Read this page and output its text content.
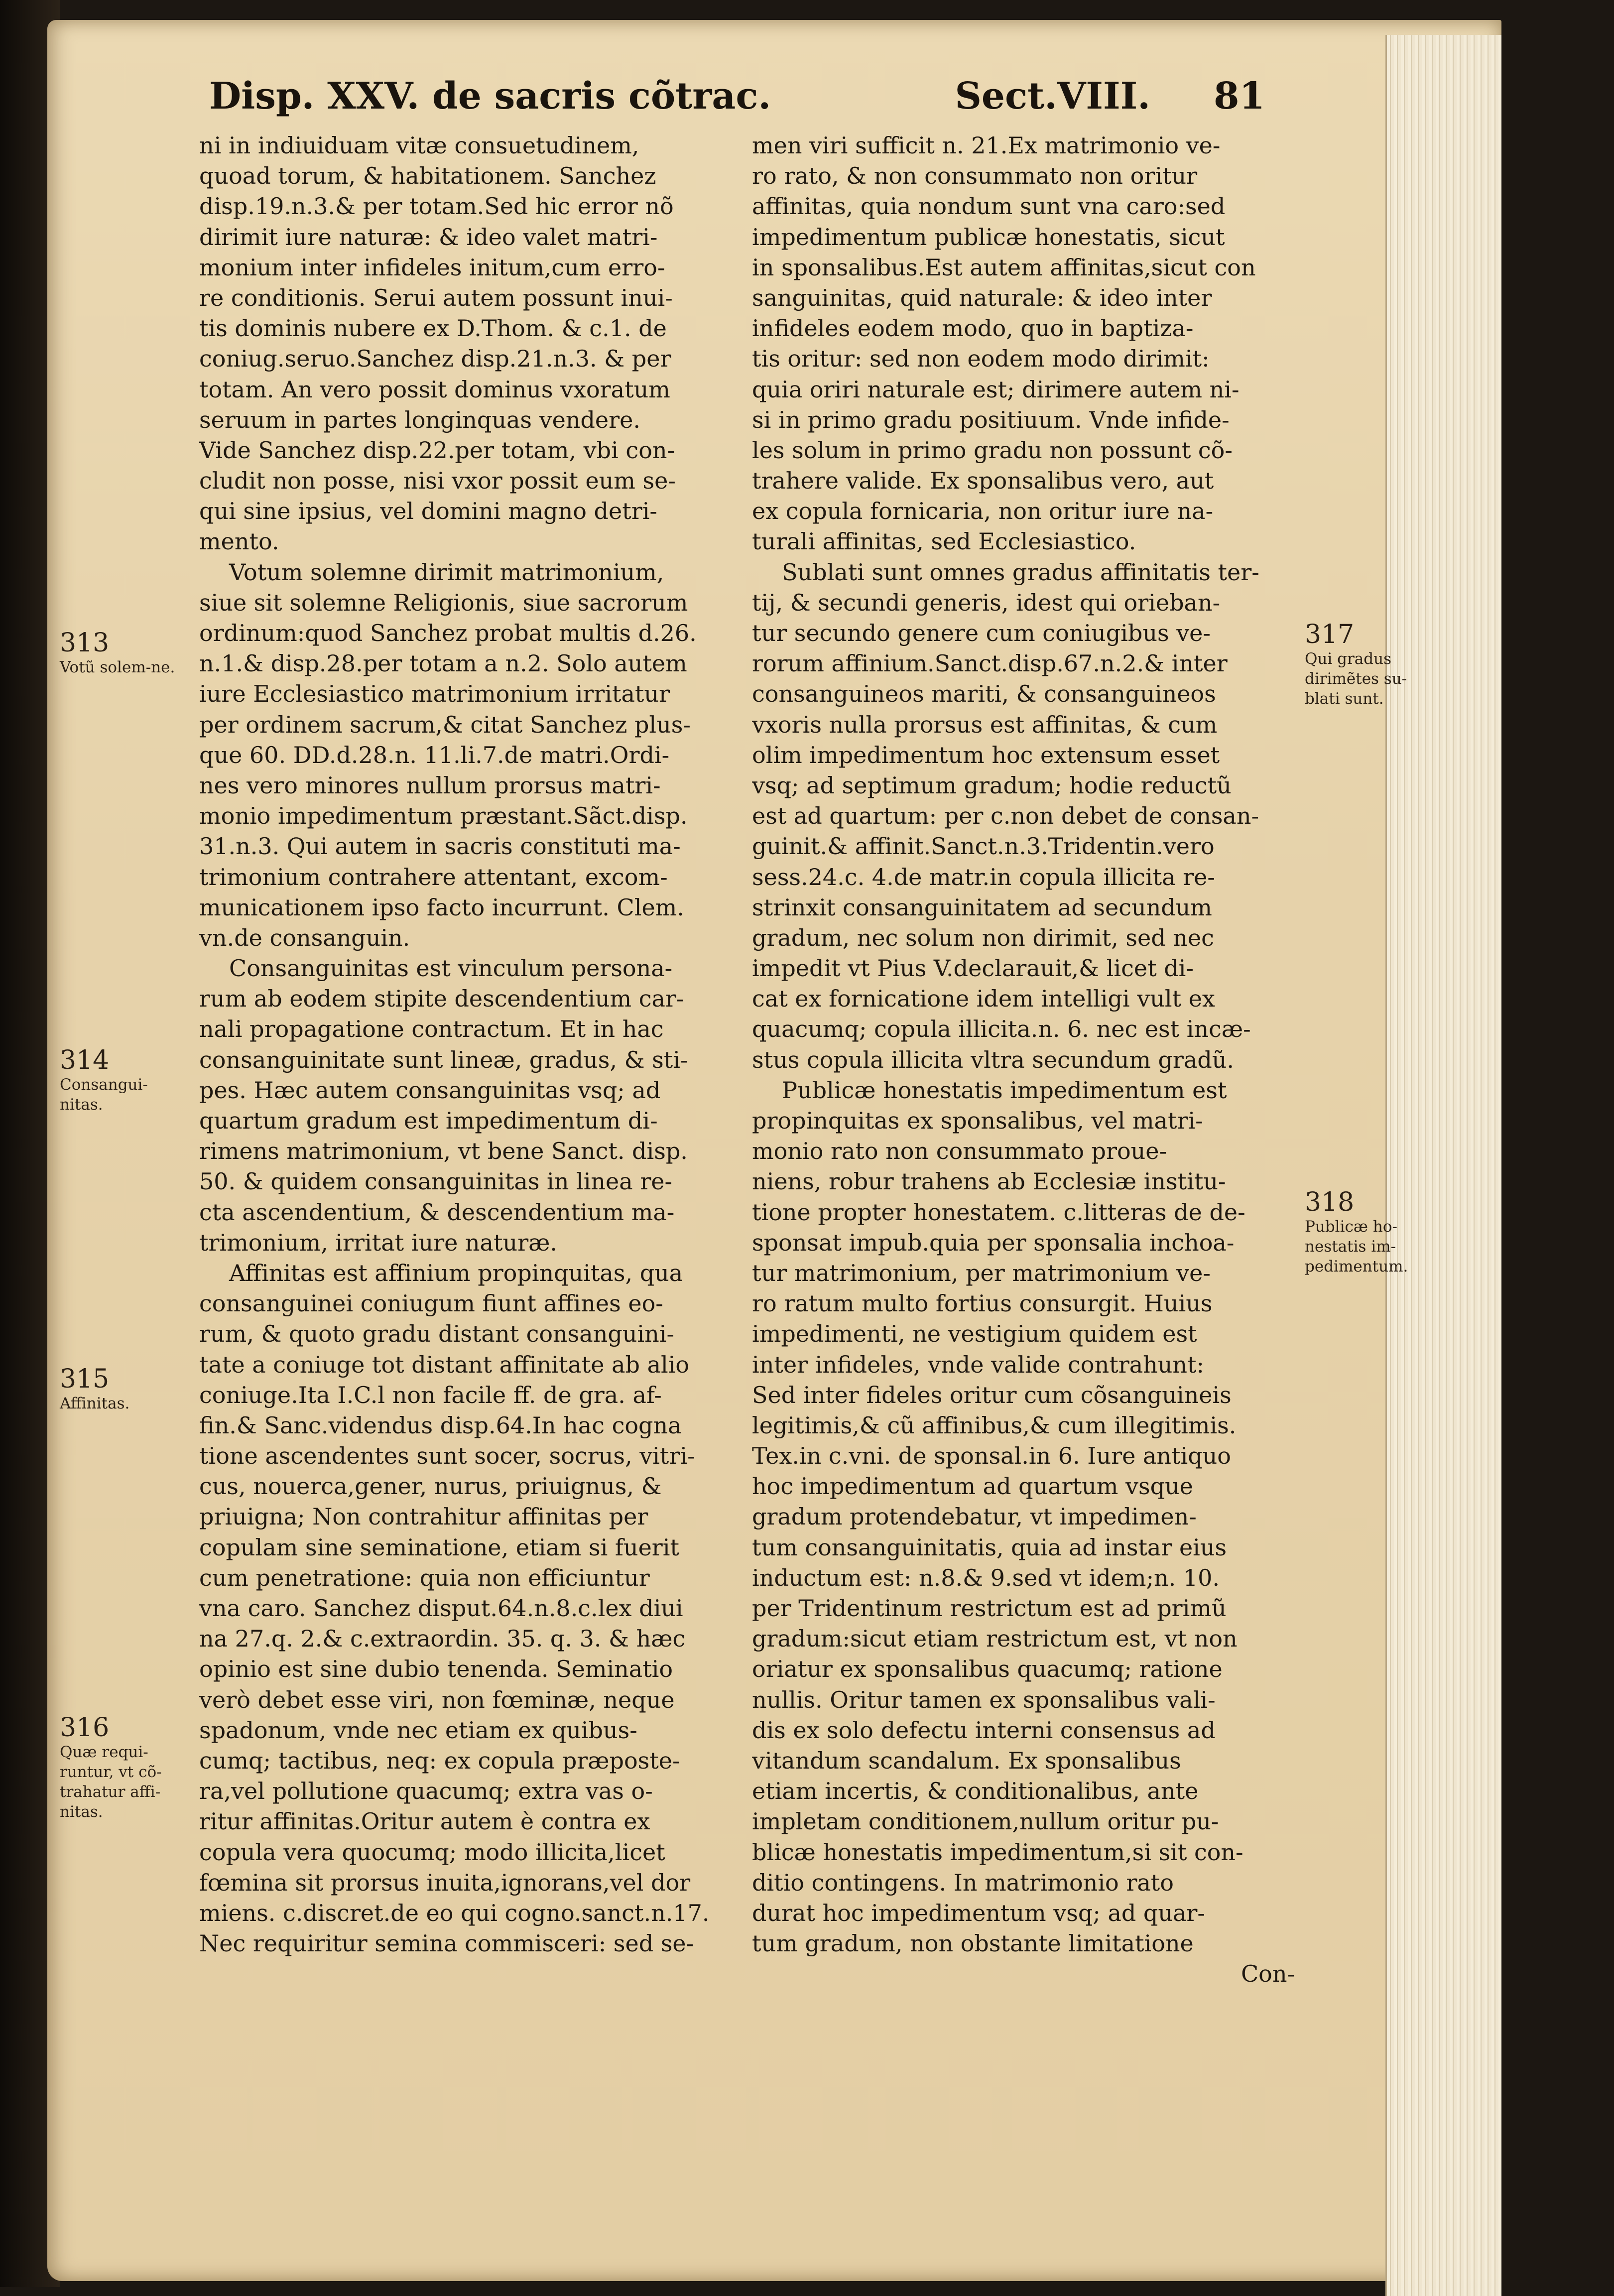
Disp. XXV. de sacris cõtrac.	Sect.VIII. 81
ni in indiuiduam vitæ consuetudinem,
quoad torum, & habitationem. Sanchez
disp.19.n.3.& per totam.Sed hic error nõ
dirimit iure naturæ: & ideo valet matri-
monium inter infideles initum,cum erro-
re conditionis. Serui autem possunt inui-
tis dominis nubere ex D.Thom. & c.1. de
coniug.seruo.Sanchez disp.21.n.3. & per
totam. An vero possit dominus vxoratum
seruum in partes longinquas vendere.
Vide Sanchez disp.22.per totam, vbi con-
cludit non posse, nisi vxor possit eum se-
qui sine ipsius, vel domini magno detri-
mento.
Votum solemne dirimit matrimonium,
siue sit solemne Religionis, siue sacrorum
ordinum:quod Sanchez probat multis d.26.
n.1.& disp.28.per totam a n.2. Solo autem
iure Ecclesiastico matrimonium irritatur
per ordinem sacrum,& citat Sanchez plus-
que 60. DD.d.28.n. 11.li.7.de matri.Ordi-
nes vero minores nullum prorsus matri-
monio impedimentum præstant.Sãct.disp.
31.n.3. Qui autem in sacris constituti ma-
trimonium contrahere attentant, excom-
municationem ipso facto incurrunt. Clem.
vn.de consanguin.
Consanguinitas est vinculum persona-
rum ab eodem stipite descendentium car-
nali propagatione contractum. Et in hac
consanguinitate sunt lineæ, gradus, & sti-
pes. Hæc autem consanguinitas vsq; ad
quartum gradum est impedimentum di-
rimens matrimonium, vt bene Sanct. disp.
50. & quidem consanguinitas in linea re-
cta ascendentium, & descendentium ma-
trimonium, irritat iure naturæ.
Affinitas est affinium propinquitas, qua
consanguinei coniugum fiunt affines eo-
rum, & quoto gradu distant consanguini-
tate a coniuge tot distant affinitate ab alio
coniuge.Ita I.C.l non facile ff. de gra. af-
fin.& Sanc.videndus disp.64.In hac cogna
tione ascendentes sunt socer, socrus, vitri-
cus, nouerca,gener, nurus, priuignus, &
priuigna; Non contrahitur affinitas per
copulam sine seminatione, etiam si fuerit
cum penetratione: quia non efficiuntur
vna caro. Sanchez disput.64.n.8.c.lex diui
na 27.q. 2.& c.extraordin. 35. q. 3. & hæc
opinio est sine dubio tenenda. Seminatio
verò debet esse viri, non fœminæ, neque
spadonum, vnde nec etiam ex quibus-
cumq; tactibus, neq: ex copula præposte-
ra,vel pollutione quacumq; extra vas o-
ritur affinitas.Oritur autem è contra ex
copula vera quocumq; modo illicita,licet
fœmina sit prorsus inuita,ignorans,vel dor
miens. c.discret.de eo qui cogno.sanct.n.17.
Nec requiritur semina commisceri: sed se-
men viri sufficit n. 21.Ex matrimonio ve-
ro rato, & non consummato non oritur
affinitas, quia nondum sunt vna caro:sed
impedimentum publicæ honestatis, sicut
in sponsalibus.Est autem affinitas,sicut con
sanguinitas, quid naturale: & ideo inter
infideles eodem modo, quo in baptiza-
tis oritur: sed non eodem modo dirimit:
quia oriri naturale est; dirimere autem ni-
si in primo gradu positiuum. Vnde infide-
les solum in primo gradu non possunt cõ-
trahere valide. Ex sponsalibus vero, aut
ex copula fornicaria, non oritur iure na-
turali affinitas, sed Ecclesiastico.
Sublati sunt omnes gradus affinitatis ter-
tij, & secundi generis, idest qui orieban-
tur secundo genere cum coniugibus ve-
rorum affinium.Sanct.disp.67.n.2.& inter
consanguineos mariti, & consanguineos
vxoris nulla prorsus est affinitas, & cum
olim impedimentum hoc extensum esset
vsq; ad septimum gradum; hodie reductũ
est ad quartum: per c.non debet de consan-
guinit.& affinit.Sanct.n.3.Tridentin.vero
sess.24.c. 4.de matr.in copula illicita re-
strinxit consanguinitatem ad secundum
gradum, nec solum non dirimit, sed nec
impedit vt Pius V.declarauit,& licet di-
cat ex fornicatione idem intelligi vult ex
quacumq; copula illicita.n. 6. nec est incæ-
stus copula illicita vltra secundum gradũ.
Publicæ honestatis impedimentum est
propinquitas ex sponsalibus, vel matri-
monio rato non consummato proue-
niens, robur trahens ab Ecclesiæ institu-
tione propter honestatem. c.litteras de de-
sponsat impub.quia per sponsalia inchoa-
tur matrimonium, per matrimonium ve-
ro ratum multo fortius consurgit. Huius
impedimenti, ne vestigium quidem est
inter infideles, vnde valide contrahunt:
Sed inter fideles oritur cum cõsanguineis
legitimis,& cũ affinibus,& cum illegitimis.
Tex.in c.vni. de sponsal.in 6. Iure antiquo
hoc impedimentum ad quartum vsque
gradum protendebatur, vt impedimen-
tum consanguinitatis, quia ad instar eius
inductum est: n.8.& 9.sed vt idem;n. 10.
per Tridentinum restrictum est ad primũ
gradum:sicut etiam restrictum est, vt non
oriatur ex sponsalibus quacumq; ratione
nullis. Oritur tamen ex sponsalibus vali-
dis ex solo defectu interni consensus ad
vitandum scandalum. Ex sponsalibus
etiam incertis, & conditionalibus, ante
impletam conditionem,nullum oritur pu-
blicæ honestatis impedimentum,si sit con-
ditio contingens. In matrimonio rato
durat hoc impedimentum vsq; ad quar-
tum gradum, non obstante limitatione
Con-
313
Votũ solem-ne.
314
Consangui-nitas.
315
Affinitas.
316
Quæ requi-runtur, vt cõ-trahatur affi-nitas.
317
Qui gradus dirimẽtes su-blati sunt.
318
Publicæ ho-nestatis im-pedimentum.
